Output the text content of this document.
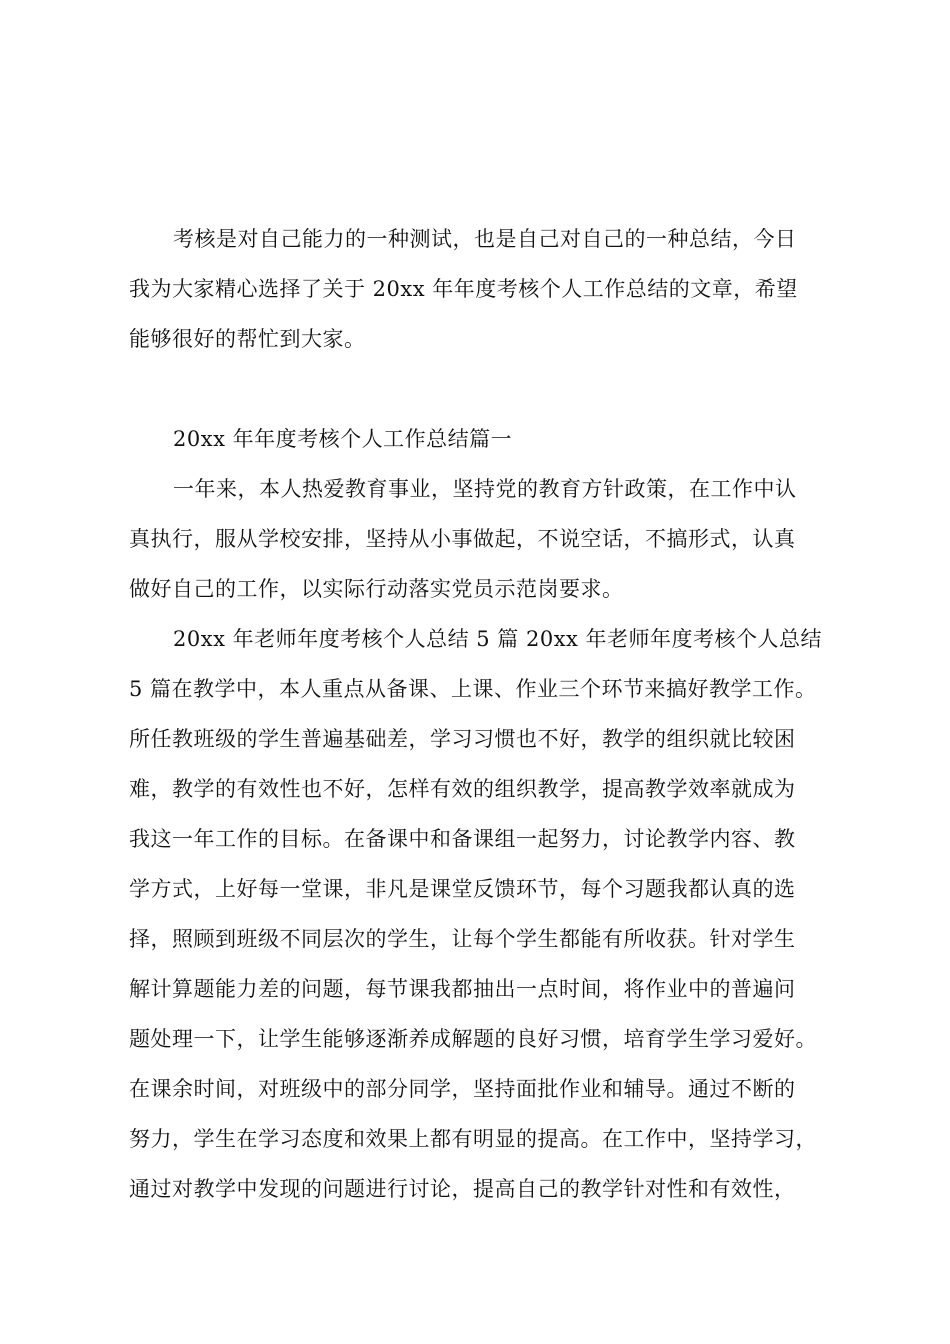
考核是对自己能力的一种测试，也是自己对自己的一种总结，今日
我为大家精心选择了关于 20xx 年年度考核个人工作总结的文章，希望
能够很好的帮忙到大家。
20xx 年年度考核个人工作总结篇一
一年来，本人热爱教育事业，坚持党的教育方针政策，在工作中认
真执行，服从学校安排，坚持从小事做起，不说空话，不搞形式，认真
做好自己的工作，以实际行动落实党员示范岗要求。
20xx 年老师年度考核个人总结 5 篇 20xx 年老师年度考核个人总结
5 篇在教学中，本人重点从备课、上课、作业三个环节来搞好教学工作。
所任教班级的学生普遍基础差，学习习惯也不好，教学的组织就比较困
难，教学的有效性也不好，怎样有效的组织教学，提高教学效率就成为
我这一年工作的目标。在备课中和备课组一起努力，讨论教学内容、教
学方式，上好每一堂课，非凡是课堂反馈环节，每个习题我都认真的选
择，照顾到班级不同层次的学生，让每个学生都能有所收获。针对学生
解计算题能力差的问题，每节课我都抽出一点时间，将作业中的普遍问
题处理一下，让学生能够逐渐养成解题的良好习惯，培育学生学习爱好。
在课余时间，对班级中的部分同学，坚持面批作业和辅导。通过不断的
努力，学生在学习态度和效果上都有明显的提高。在工作中，坚持学习，
通过对教学中发现的问题进行讨论，提高自己的教学针对性和有效性，
